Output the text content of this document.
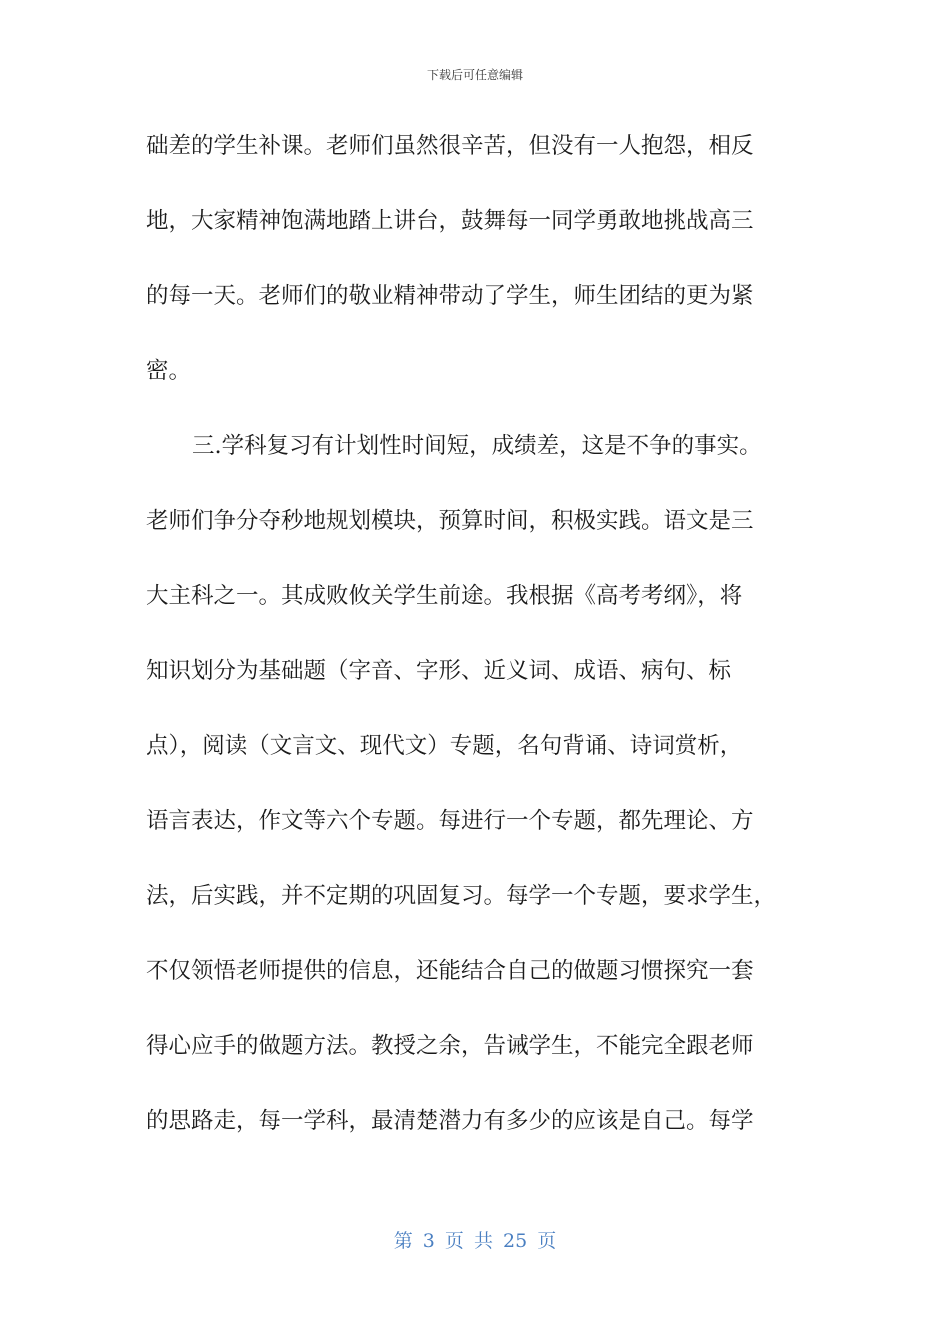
下载后可任意编辑
础差的学生补课。老师们虽然很辛苦，但没有一人抱怨，相反
地，大家精神饱满地踏上讲台，鼓舞每一同学勇敢地挑战高三
的每一天。老师们的敬业精神带动了学生，师生团结的更为紧
密。
三.学科复习有计划性时间短，成绩差，这是不争的事实。
老师们争分夺秒地规划模块，预算时间，积极实践。语文是三
大主科之一。其成败攸关学生前途。我根据《高考考纲》，将
知识划分为基础题（字音、字形、近义词、成语、病句、标
点），阅读（文言文、现代文）专题，名句背诵、诗词赏析，
语言表达，作文等六个专题。每进行一个专题，都先理论、方
法，后实践，并不定期的巩固复习。每学一个专题，要求学生，
不仅领悟老师提供的信息，还能结合自己的做题习惯探究一套
得心应手的做题方法。教授之余，告诫学生，不能完全跟老师
的思路走，每一学科，最清楚潜力有多少的应该是自己。每学
第 3 页 共 25 页
